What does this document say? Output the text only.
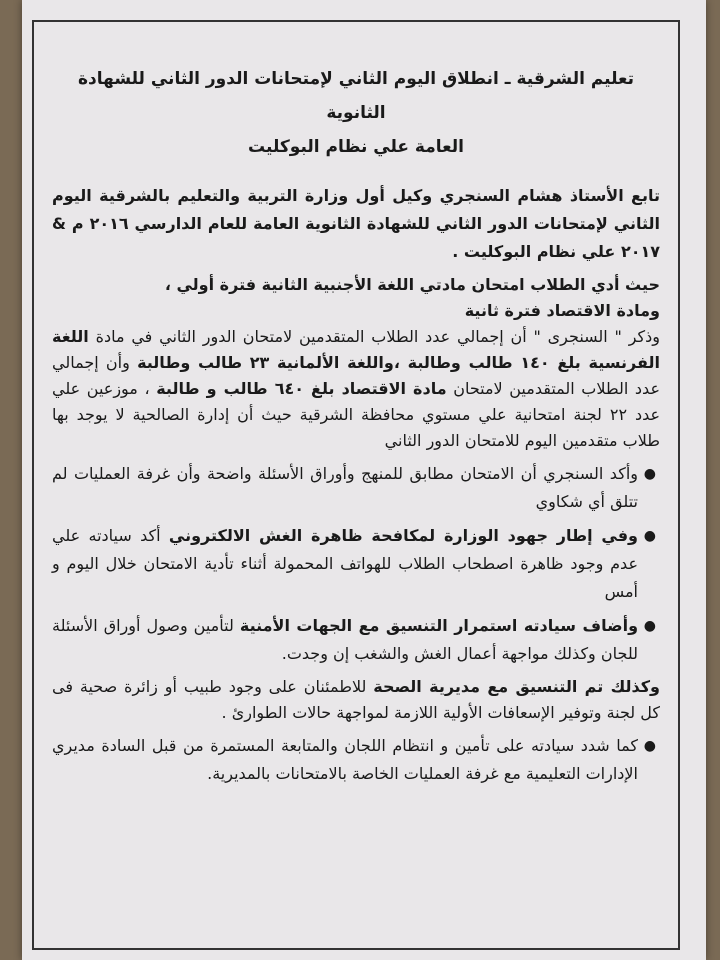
تعليم الشرقية ـ انطلاق اليوم الثاني لإمتحانات الدور الثاني للشهادة الثانوية
العامة علي نظام البوكليت

تابع الأستاذ هشام السنجري وكيل أول وزارة التربية والتعليم بالشرقية اليوم الثاني لإمتحانات الدور الثاني للشهادة الثانوية العامة للعام الدارسي ٢٠١٦ م & ٢٠١٧ علي نظام البوكليت .

حيث أدي الطلاب امتحان مادتي اللغة الأجنبية الثانية فترة أولي ،

ومادة الاقتصاد فترة ثانية

وذكر " السنجرى " أن إجمالي عدد الطلاب المتقدمين لامتحان الدور الثاني في مادة اللغة الفرنسية بلغ ١٤٠ طالب وطالبة ،واللغة الألمانية ٢٣ طالب وطالبة وأن إجمالي عدد الطلاب المتقدمين لامتحان مادة الاقتصاد بلغ ٦٤٠ طالب و طالبة ، موزعين علي عدد ٢٢ لجنة امتحانية علي مستوي محافظة الشرقية حيث أن إدارة الصالحية لا يوجد بها طلاب متقدمين اليوم للامتحان الدور الثاني

●
وأكد السنجري أن الامتحان مطابق للمنهج وأوراق الأسئلة واضحة وأن غرفة العمليات لم تتلق أي شكاوي
●
وفي إطار جهود الوزارة لمكافحة ظاهرة الغش الالكتروني أكد سيادته علي عدم وجود ظاهرة اصطحاب الطلاب للهواتف المحمولة أثناء تأدية الامتحان خلال اليوم و أمس
●
وأضاف سيادته استمرار التنسيق مع الجهات الأمنية لتأمين وصول أوراق الأسئلة للجان وكذلك مواجهة أعمال الغش والشغب إن وجدت.

وكذلك تم التنسيق مع مديرية الصحة للاطمئنان على وجود طبيب أو زائرة صحية فى كل لجنة وتوفير الإسعافات الأولية اللازمة لمواجهة حالات الطوارئ .

●
كما شدد سيادته على تأمين و انتظام اللجان والمتابعة المستمرة من قبل السادة مديري الإدارات التعليمية مع غرفة العمليات الخاصة بالامتحانات بالمديرية.
